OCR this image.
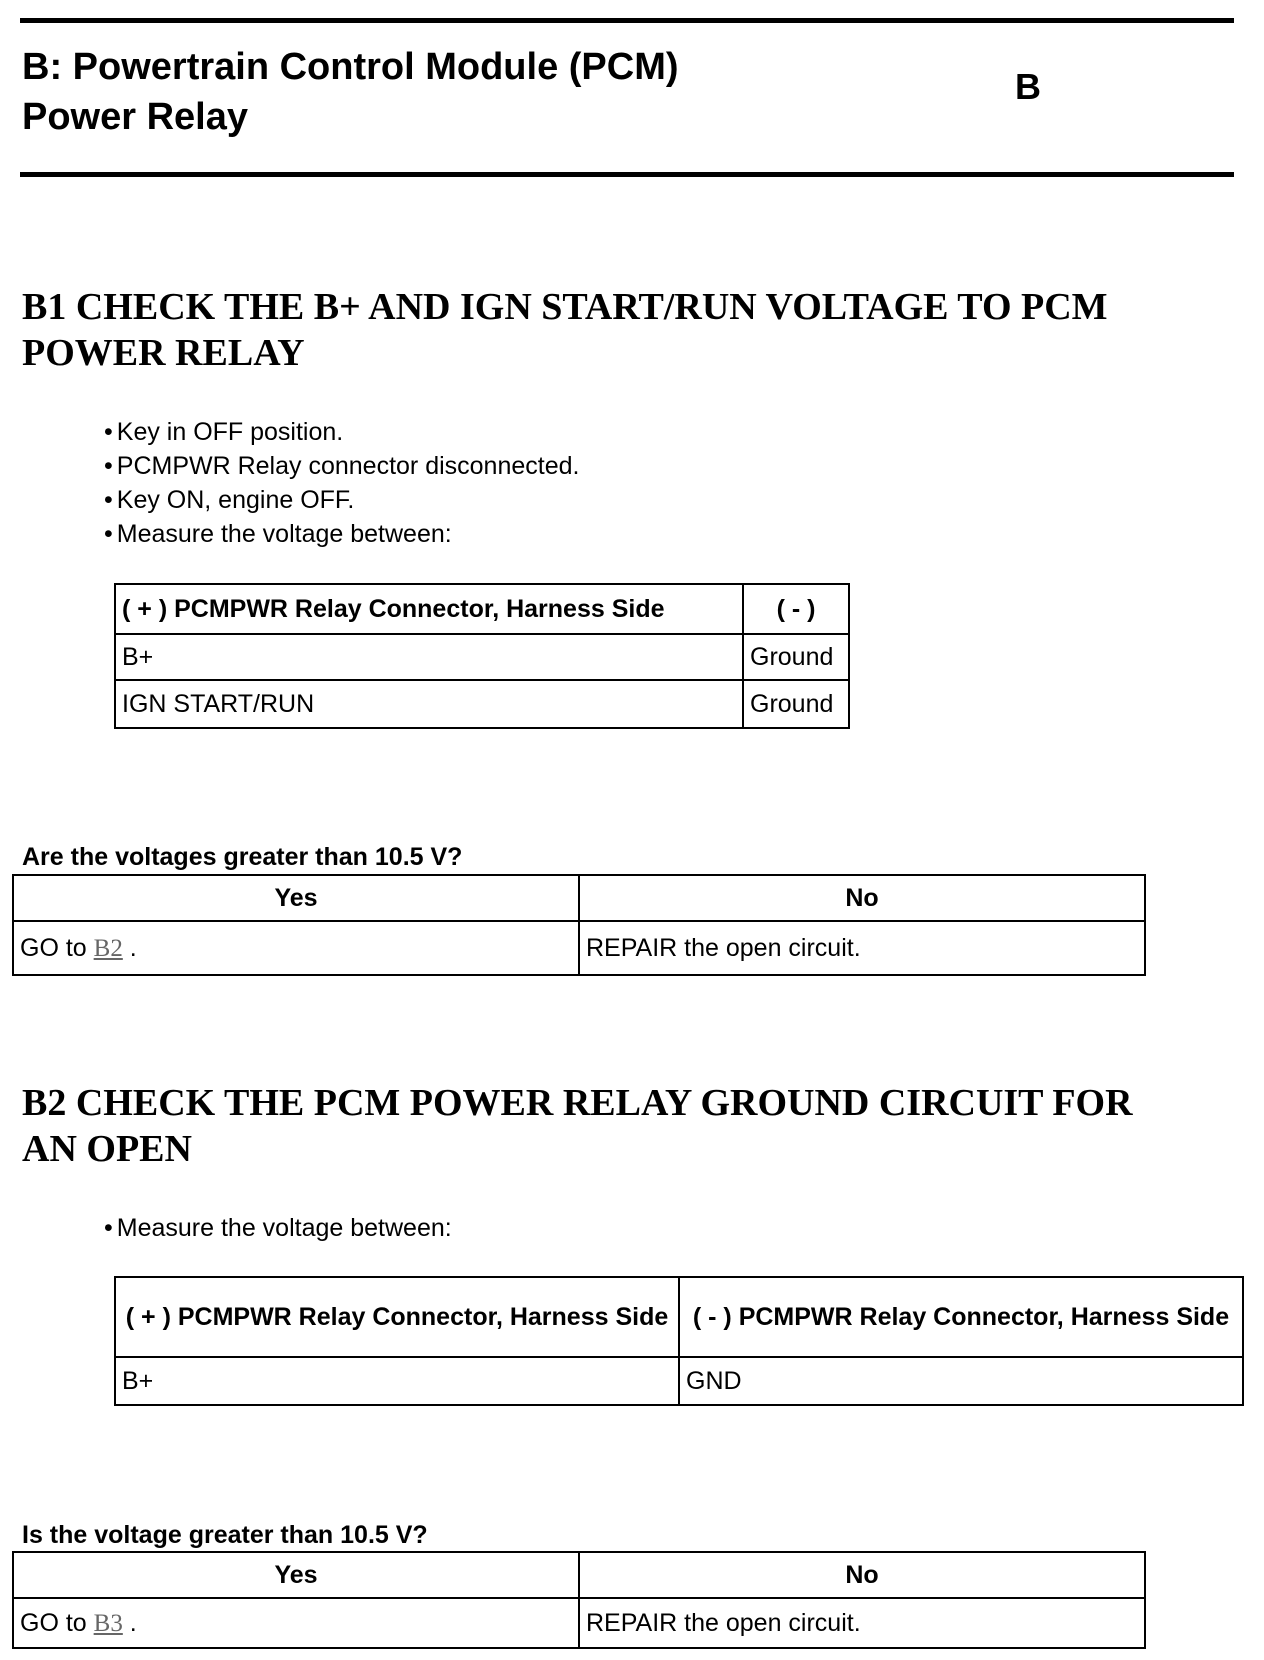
B: Powertrain Control Module (PCM)
Power Relay
B
B1 CHECK THE B+ AND IGN START/RUN VOLTAGE TO PCM
POWER RELAY
• Key in OFF position.
• PCMPWR Relay connector disconnected.
• Key ON, engine OFF.
• Measure the voltage between:
( + ) PCMPWR Relay Connector, Harness Side	( - )
B+	Ground
IGN START/RUN	Ground
Are the voltages greater than 10.5 V?
Yes	No
GO to B2 .	REPAIR the open circuit.
B2 CHECK THE PCM POWER RELAY GROUND CIRCUIT FOR
AN OPEN
• Measure the voltage between:
( + ) PCMPWR Relay Connector, Harness Side	( - ) PCMPWR Relay Connector, Harness Side
B+	GND
Is the voltage greater than 10.5 V?
Yes	No
GO to B3 .	REPAIR the open circuit.
